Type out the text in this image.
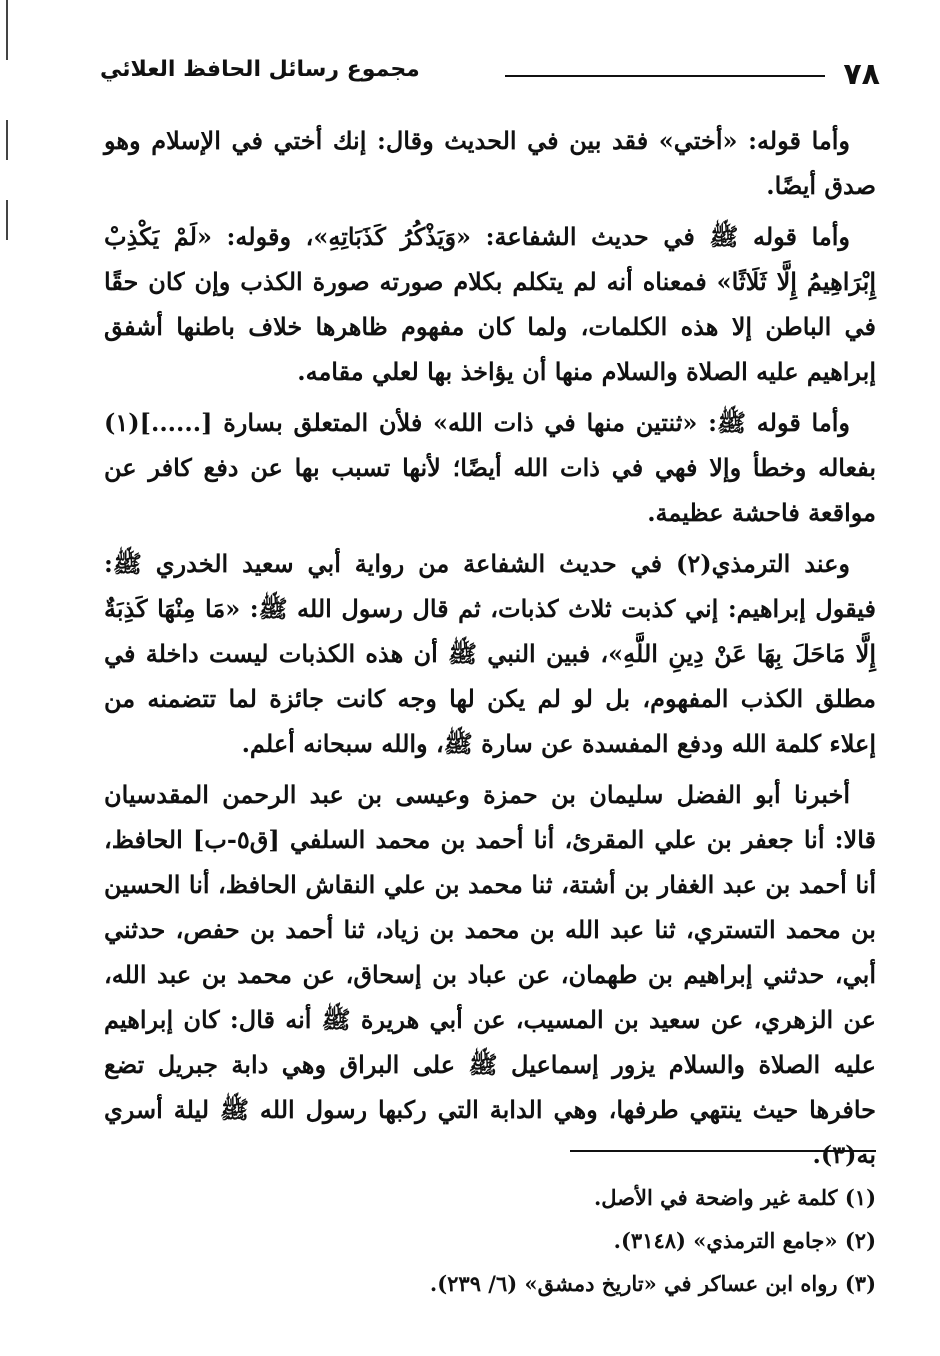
٧٨
مجموع رسائل الحافظ العلائي

وأما قوله: «أختي» فقد بين في الحديث وقال: إنك أختي في الإسلام وهو صدق أيضًا.

وأما قوله ﷺ في حديث الشفاعة: «وَيَذْكُرُ كَذَبَاتِهِ»، وقوله: «لَمْ يَكْذِبْ إِبْرَاهِيمُ إِلَّا ثَلَاثًا» فمعناه أنه لم يتكلم بكلام صورته صورة الكذب وإن كان حقًا في الباطن إلا هذه الكلمات، ولما كان مفهوم ظاهرها خلاف باطنها أشفق إبراهيم عليه الصلاة والسلام منها أن يؤاخذ بها لعلي مقامه.

وأما قوله ﷺ: «ثنتين منها في ذات الله» فلأن المتعلق بسارة [......](١) بفعاله وخطأ وإلا فهي في ذات الله أيضًا؛ لأنها تسبب بها عن دفع كافر عن مواقعة فاحشة عظيمة.

وعند الترمذي(٢) في حديث الشفاعة من رواية أبي سعيد الخدري ﷺ: فيقول إبراهيم: إني كذبت ثلاث كذبات، ثم قال رسول الله ﷺ: «مَا مِنْهَا كَذِبَةٌ إِلَّا مَاحَلَ بِهَا عَنْ دِينِ اللَّهِ»، فبين النبي ﷺ أن هذه الكذبات ليست داخلة في مطلق الكذب المفهوم، بل لو لم يكن لها وجه كانت جائزة لما تتضمنه من إعلاء كلمة الله ودفع المفسدة عن سارة ﷺ، والله سبحانه أعلم.

أخبرنا أبو الفضل سليمان بن حمزة وعيسى بن عبد الرحمن المقدسيان قالا: أنا جعفر بن علي المقرئ، أنا أحمد بن محمد السلفي [ق٥-ب] الحافظ، أنا أحمد بن عبد الغفار بن أشتة، ثنا محمد بن علي النقاش الحافظ، أنا الحسين بن محمد التستري، ثنا عبد الله بن محمد بن زياد، ثنا أحمد بن حفص، حدثني أبي، حدثني إبراهيم بن طهمان، عن عباد بن إسحاق، عن محمد بن عبد الله، عن الزهري، عن سعيد بن المسيب، عن أبي هريرة ﷺ أنه قال: كان إبراهيم عليه الصلاة والسلام يزور إسماعيل ﷺ على البراق وهي دابة جبريل تضع حافرها حيث ينتهي طرفها، وهي الدابة التي ركبها رسول الله ﷺ ليلة أسري به(٣).

(١) كلمة غير واضحة في الأصل.
(٢) «جامع الترمذي» (٣١٤٨).
(٣) رواه ابن عساكر في «تاريخ دمشق» (٦/ ٢٣٩).
